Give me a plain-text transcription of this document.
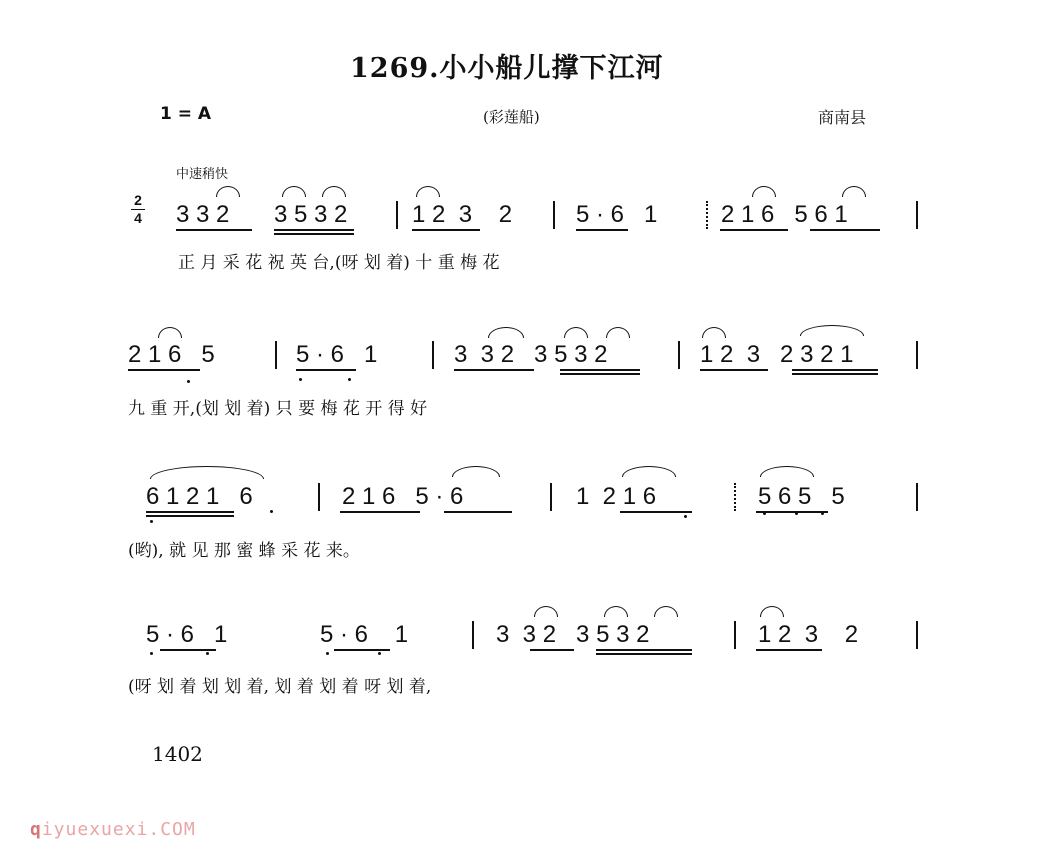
1269.小小船儿撑下江河
1 = A	(彩莲船)	商南县
中速稍快
2
4 3 3 2	3 5 3 2	1 2  3    2	5 · 6   1	2 1 6   5 6 1
正 月 采 花 祝 英 台,(呀 划 着) 十 重 梅 花
2 1 6   5	5 · 6   1	3  3 2   3 5 3 2	1 2  3   2 3 2 1
九 重 开,(划 划 着) 只 要 梅 花 开 得 好
6 1 2 1   6	2 1 6   5 · 6	1  2 1 6	5 6 5   5
(哟), 就 见 那 蜜 蜂 采 花 来。
5 · 6   1	5 · 6    1	3  3 2   3 5 3 2	1 2  3    2
(呀 划 着 划 划 着, 划 着 划 着 呀 划 着,
1402
qiyuexuexi.COM
